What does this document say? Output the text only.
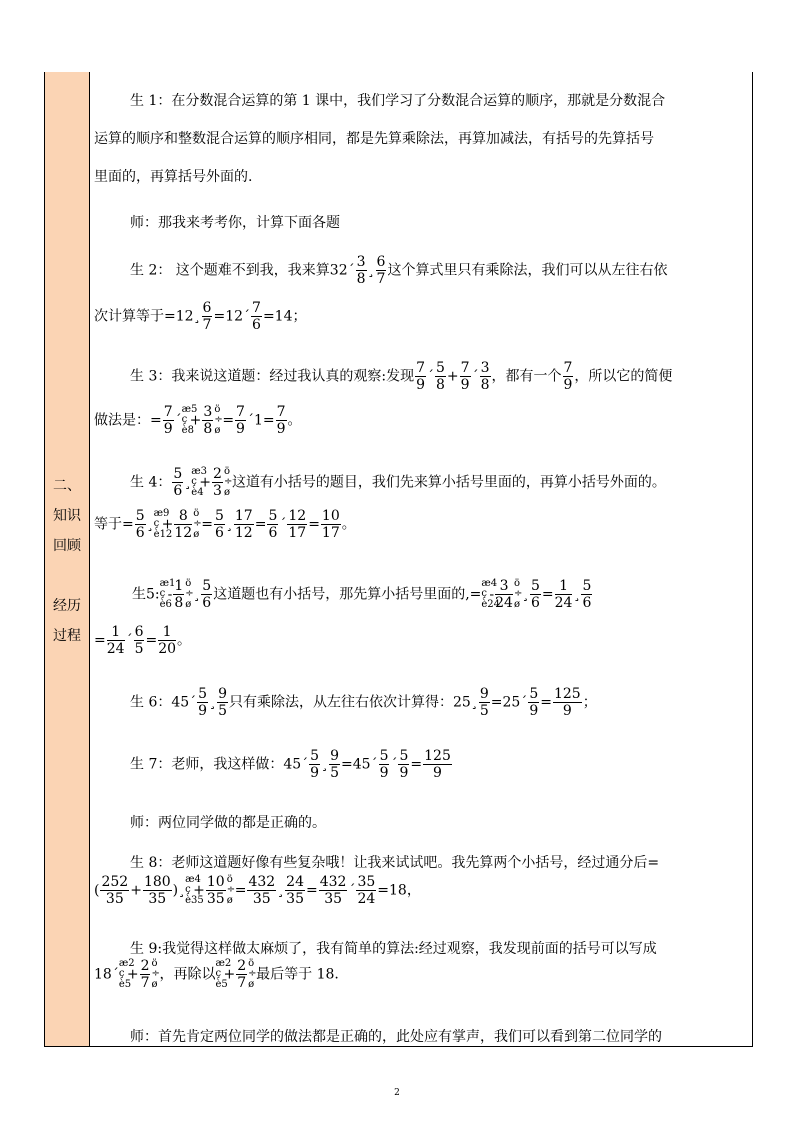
二、
知识
回顾
经历
过程
生 1：在分数混合运算的第 1 课中，我们学习了分数混合运算的顺序，那就是分数混合
运算的顺序和整数混合运算的顺序相同，都是先算乘除法，再算加减法，有括号的先算括号
里面的，再算括号外面的.
师：那我来考考你，计算下面各题
生 2： 这个题难不到我，我来算32´ $\frac{3}{8}$ ¸ $\frac{6}{7}$ 这个算式里只有乘除法，我们可以从左往右依
次计算等于=12¸ $\frac{6}{7}$ =12´ $\frac{7}{6} =14$；
生 3：我来说这道题：经过我认真的观察:发现 $\frac{7}{9}$ ´ $\frac{5}{8} + \frac{7}{9}$ ´ $\frac{3}{8}$ ，都有一个 $\frac{7}{9}$ ，所以它的简便
做法是：= $\frac{7}{9}$ ´æ5
ç
è8+ $\frac{3}{8}$ ö
÷
ø= $\frac{7}{9}$ ´1= $\frac{7}{9}$ 。
生 4： $\frac{5}{6}$ ¸æ3
ç
è4+ $\frac{2}{3}$ ö
÷
ø这道有小括号的题目，我们先来算小括号里面的，再算小括号外面的。
等于= $\frac{5}{6}$ ¸æ9
ç
è12+ $\frac{8}{12}$ ö
÷
ø= $\frac{5}{6}$ ¸ $\frac{17}{12} = \frac{5}{6}$ ´ $\frac{12}{17} = \frac{10}{17}$ 。
生5:æ1
ç
è6- $\frac{1}{8}$ ö
÷
ø¸ $\frac{5}{6}$ 这道题也有小括号，那先算小括号里面的,=æ4
ç
è24- $\frac{3}{24}$ ö
÷
ø¸ $\frac{5}{6} = \frac{1}{24}$ ¸ $\frac{5}{6}$
= $\frac{1}{24}$ ´ $\frac{6}{5} = \frac{1}{20}$ 。
生 6：45´ $\frac{5}{9}$ ¸ $\frac{9}{5}$ 只有乘除法，从左往右依次计算得：25¸ $\frac{9}{5}$ =25´ $\frac{5}{9} = \frac{125}{9}$ ；
生 7：老师，我这样做：45´ $\frac{5}{9}$ ¸ $\frac{9}{5}$ =45´ $\frac{5}{9}$ ´ $\frac{5}{9} = \frac{125}{9}$
师：两位同学做的都是正确的。
生 8：老师这道题好像有些复杂哦！让我来试试吧。我先算两个小括号，经过通分后=
( $\frac{252}{35} + \frac{180}{35}$ )¸æ4
ç
è35+ $\frac{10}{35}$ ö
÷
ø= $\frac{432}{35}$ ¸ $\frac{24}{35} = \frac{432}{35}$ ´ $\frac{35}{24} =18$，
生 9:我觉得这样做太麻烦了，我有简单的算法:经过观察，我发现前面的括号可以写成
18´æ2
ç
è5+ $\frac{2}{7}$ ö
÷
ø，再除以æ2
ç
è5+ $\frac{2}{7}$ ö
÷
ø最后等于 18.
师：首先肯定两位同学的做法都是正确的，此处应有掌声，我们可以看到第二位同学的
2
